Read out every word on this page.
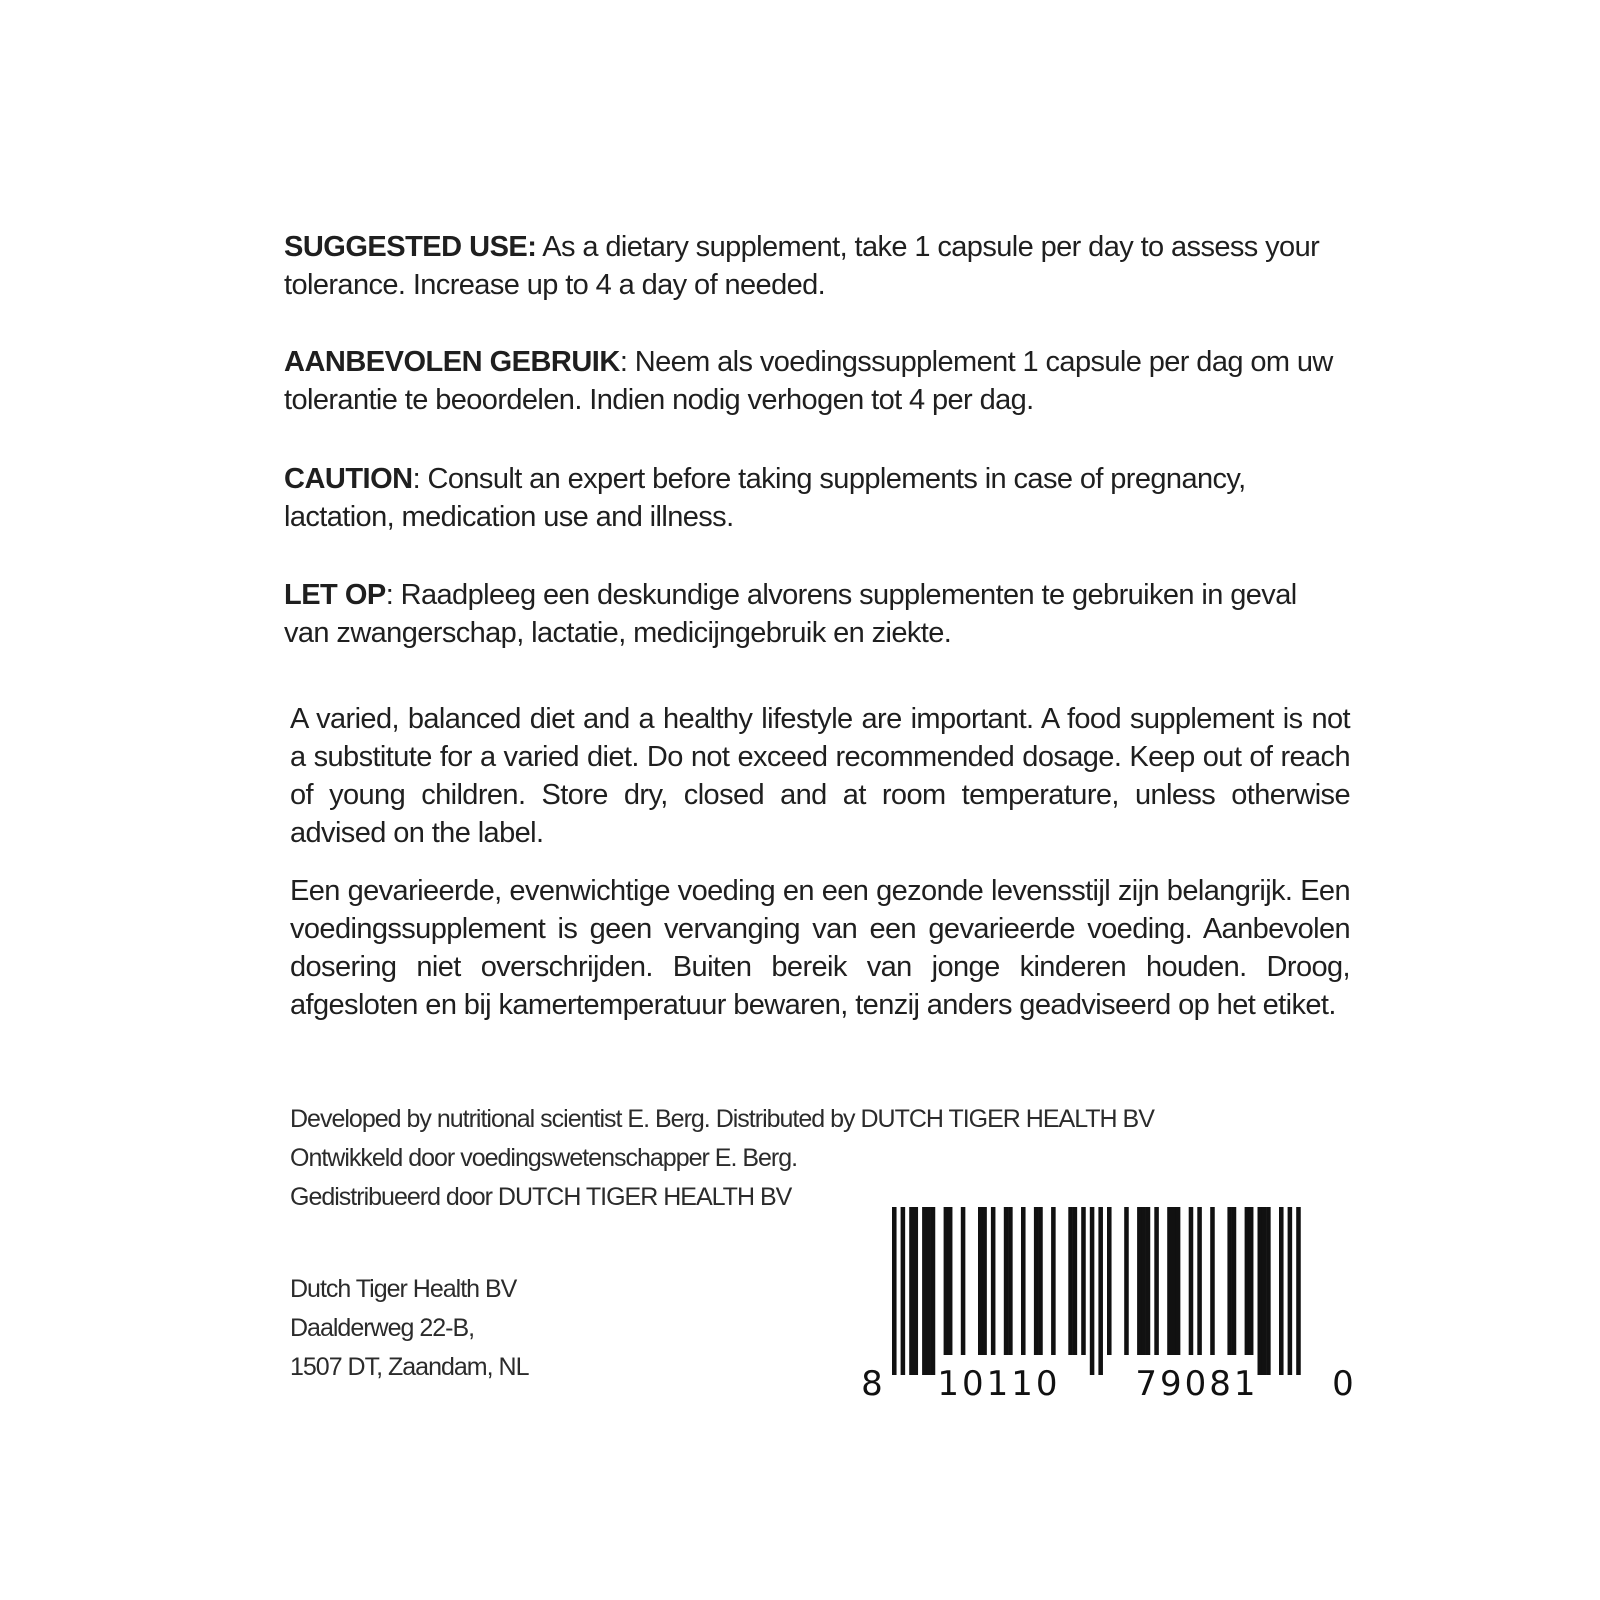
SUGGESTED USE: As a dietary supplement, take 1 capsule per day to assess your tolerance. Increase up to 4 a day of needed.

AANBEVOLEN GEBRUIK: Neem als voedingssupplement 1 capsule per dag om uw tolerantie te beoordelen. Indien nodig verhogen tot 4 per dag.

CAUTION: Consult an expert before taking supplements in case of pregnancy, lactation, medication use and illness.

LET OP: Raadpleeg een deskundige alvorens supplementen te gebruiken in geval van zwangerschap, lactatie, medicijngebruik en ziekte.

A varied, balanced diet and a healthy lifestyle are important. A food supplement is not a substitute for a varied diet. Do not exceed recommended dosage. Keep out of reach of young children. Store dry, closed and at room temperature, unless otherwise advised on the label.

Een gevarieerde, evenwichtige voeding en een gezonde levensstijl zijn belangrijk. Een voedingssupplement is geen vervanging van een gevarieerde voeding. Aanbevolen dosering niet overschrijden. Buiten bereik van jonge kinderen houden. Droog, afgesloten en bij kamertemperatuur bewaren, tenzij anders geadviseerd op het etiket.

Developed by nutritional scientist E. Berg. Distributed by DUTCH TIGER HEALTH BV
Ontwikkeld door voedingswetenschapper E. Berg.
Gedistribueerd door DUTCH TIGER HEALTH BV
Dutch Tiger Health BV
Daalderweg 22-B,
1507 DT, Zaandam, NL	8 10110 79081 0
